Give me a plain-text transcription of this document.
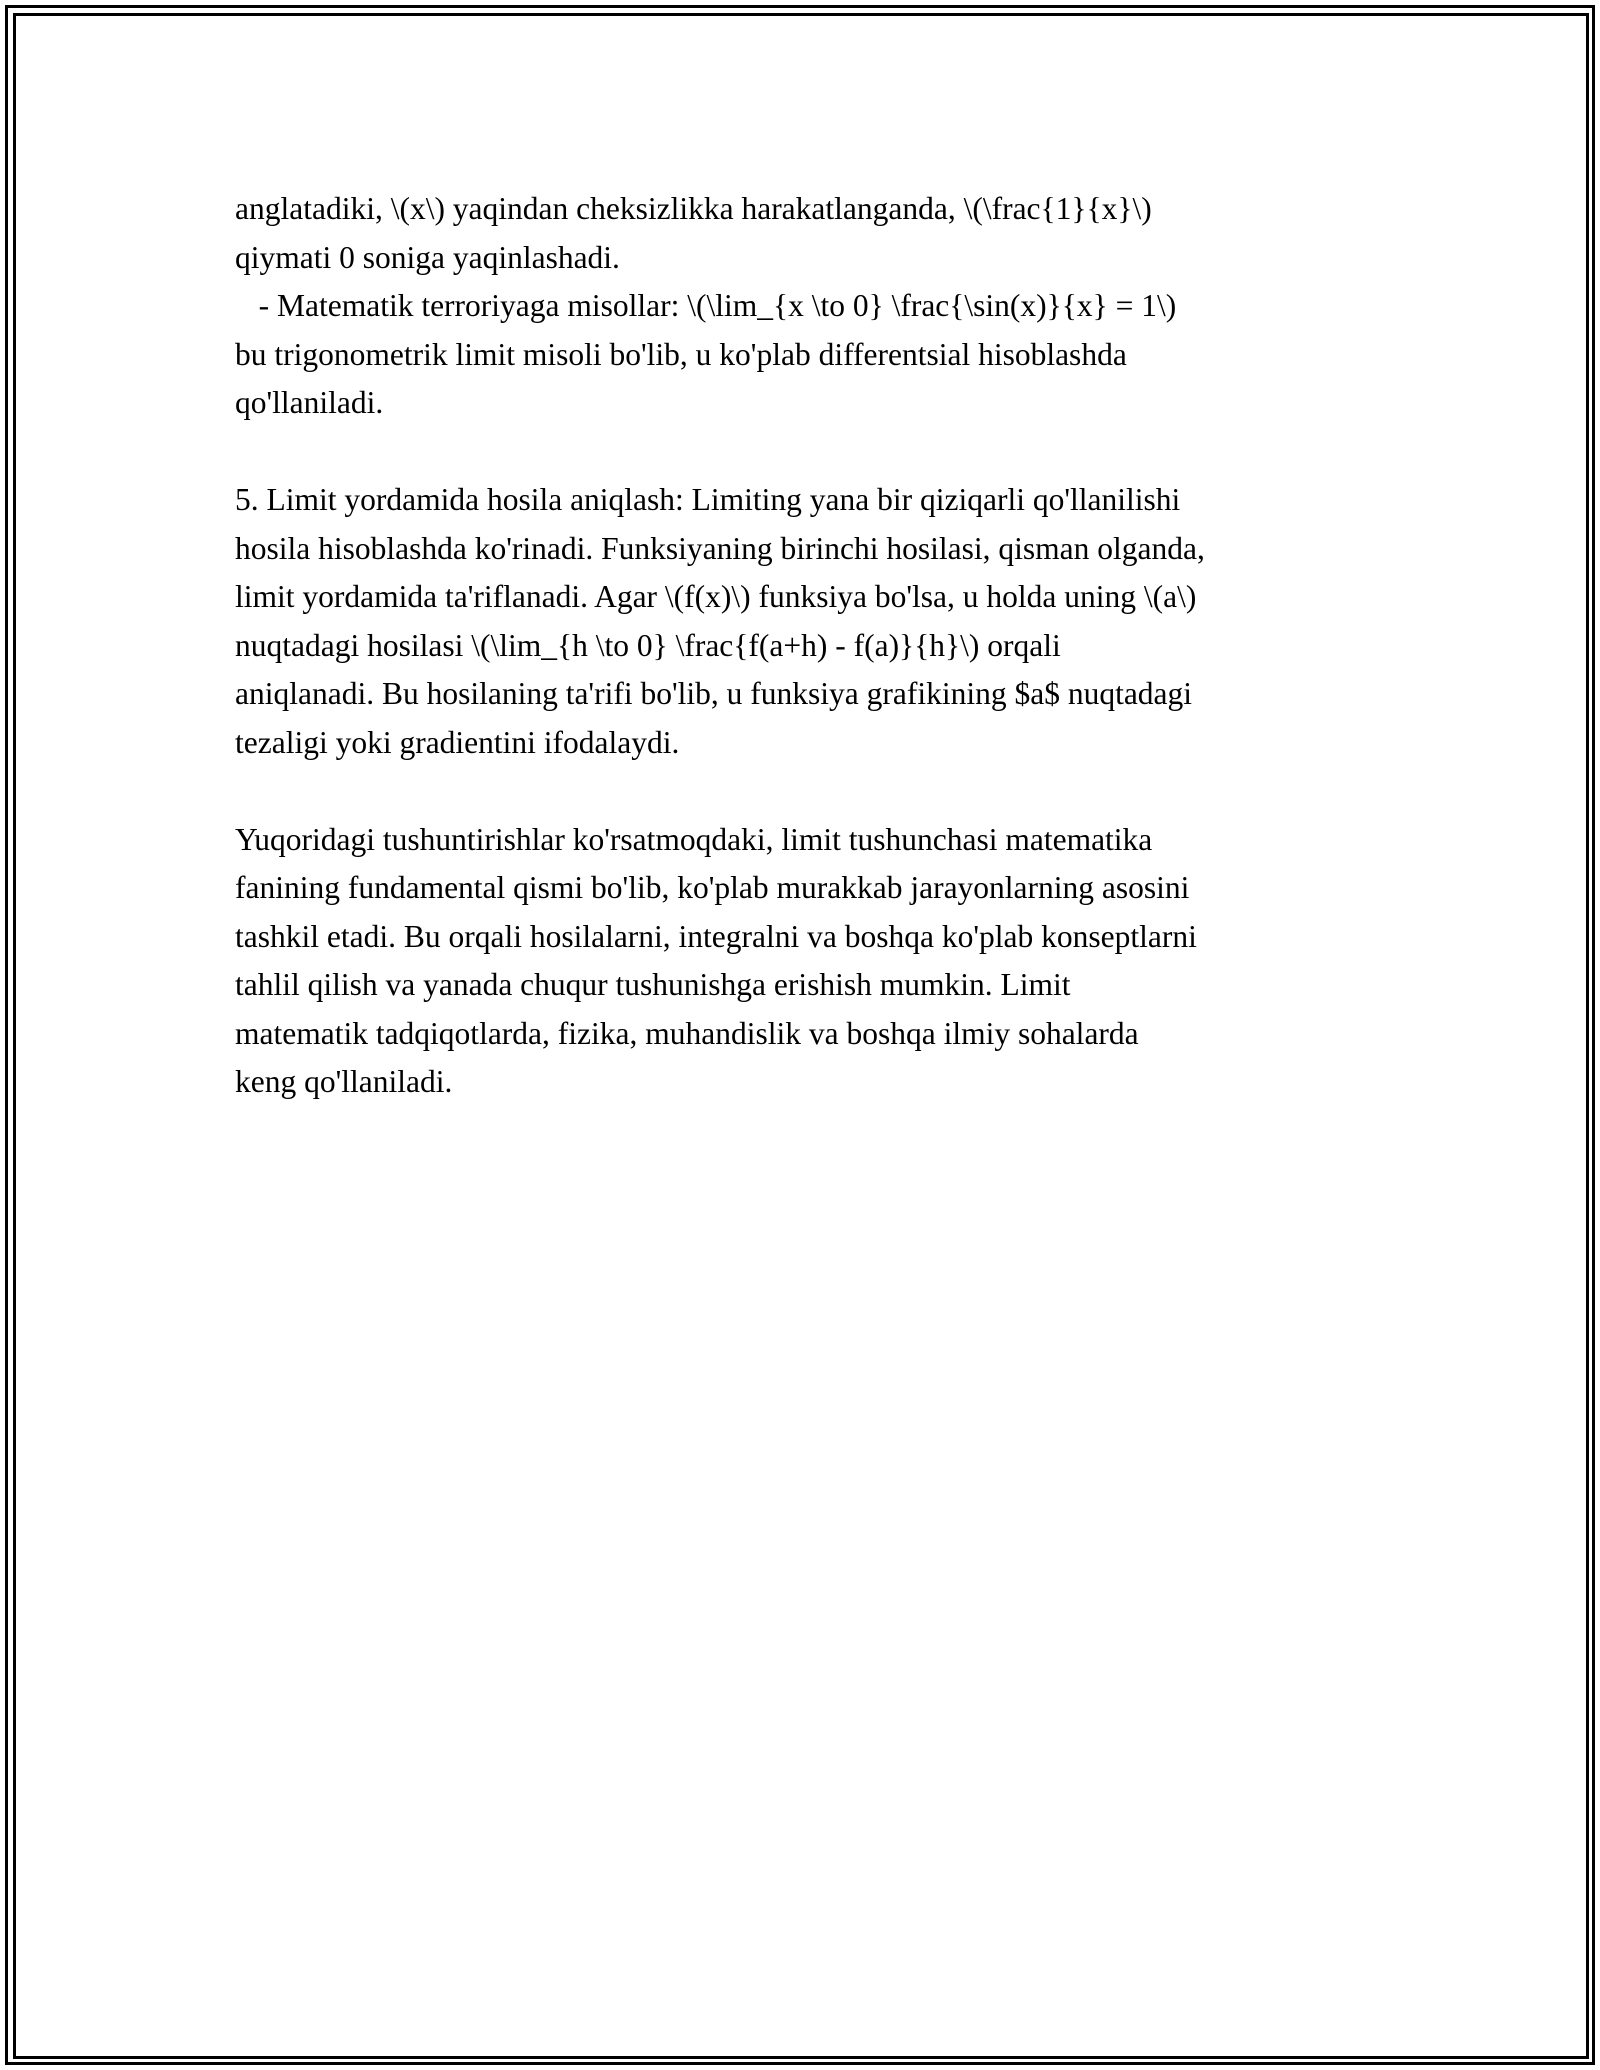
anglatadiki, \(x\) yaqindan cheksizlikka harakatlanganda, \(\frac{1}{x}\)

qiymati 0 soniga yaqinlashadi.

- Matematik terroriyaga misollar: \(\lim_{x \to 0} \frac{\sin(x)}{x} = 1\)

bu trigonometrik limit misoli bo'lib, u ko'plab differentsial hisoblashda

qo'llaniladi.

5. Limit yordamida hosila aniqlash: Limiting yana bir qiziqarli qo'llanilishi

hosila hisoblashda ko'rinadi. Funksiyaning birinchi hosilasi, qisman olganda,

limit yordamida ta'riflanadi. Agar \(f(x)\) funksiya bo'lsa, u holda uning \(a\)

nuqtadagi hosilasi \(\lim_{h \to 0} \frac{f(a+h) - f(a)}{h}\) orqali

aniqlanadi. Bu hosilaning ta'rifi bo'lib, u funksiya grafikining $a$ nuqtadagi

tezaligi yoki gradientini ifodalaydi.

Yuqoridagi tushuntirishlar ko'rsatmoqdaki, limit tushunchasi matematika

fanining fundamental qismi bo'lib, ko'plab murakkab jarayonlarning asosini

tashkil etadi. Bu orqali hosilalarni, integralni va boshqa ko'plab konseptlarni

tahlil qilish va yanada chuqur tushunishga erishish mumkin. Limit

matematik tadqiqotlarda, fizika, muhandislik va boshqa ilmiy sohalarda

keng qo'llaniladi.
